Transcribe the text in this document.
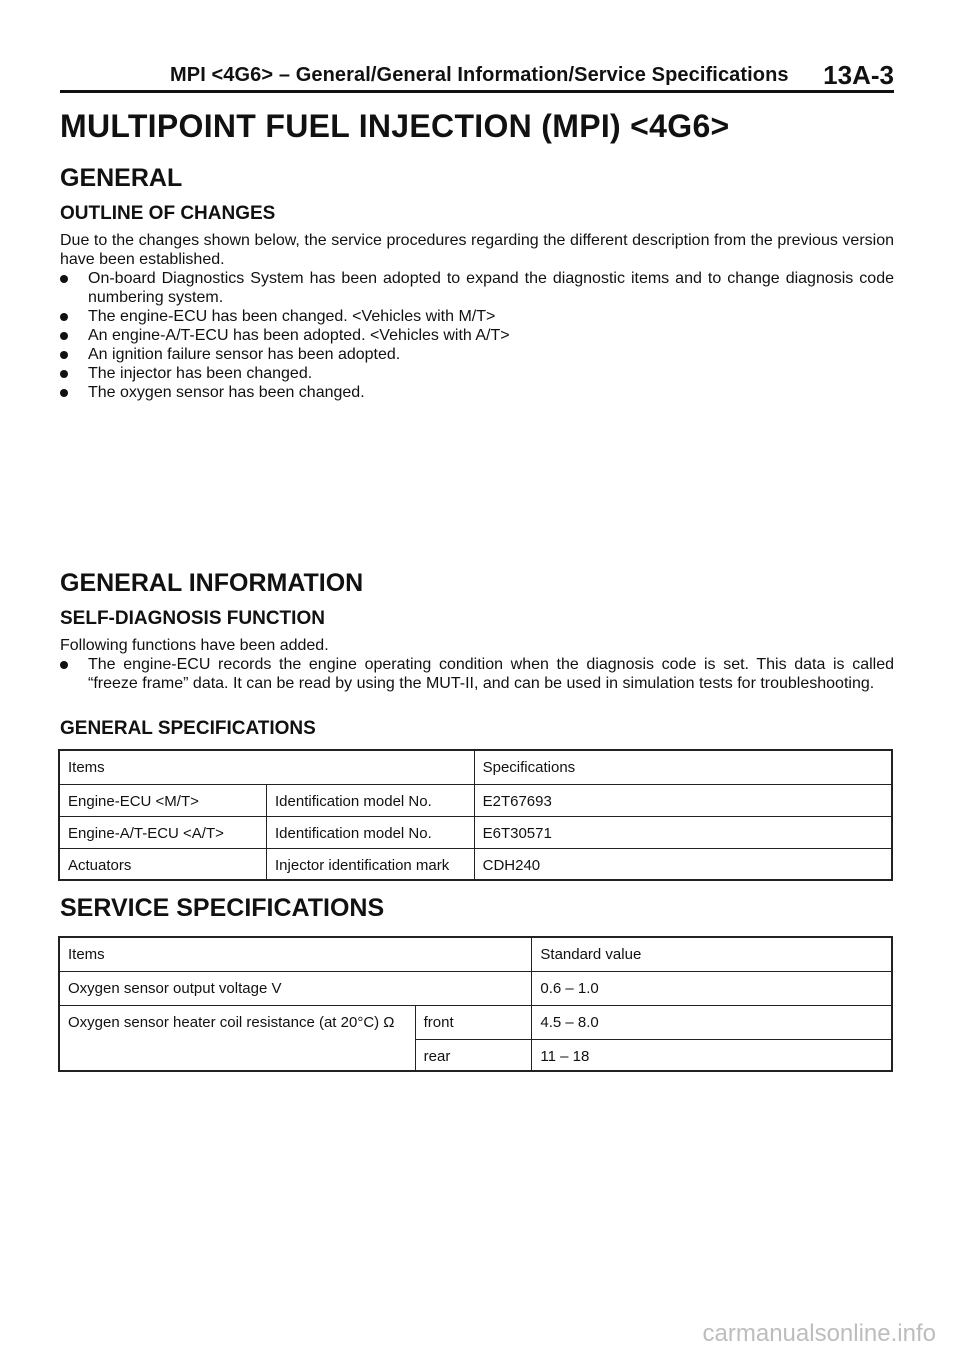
MPI <4G6> – General/General Information/Service Specifications 13A-3
MULTIPOINT FUEL INJECTION (MPI) <4G6>
GENERAL
OUTLINE OF CHANGES
Due to the changes shown below, the service procedures regarding the different description from the previous version have been established.
On-board Diagnostics System has been adopted to expand the diagnostic items and to change diagnosis code numbering system.
The engine-ECU has been changed. <Vehicles with M/T>
An engine-A/T-ECU has been adopted. <Vehicles with A/T>
An ignition failure sensor has been adopted.
The injector has been changed.
The oxygen sensor has been changed.
GENERAL INFORMATION
SELF-DIAGNOSIS FUNCTION
Following functions have been added.
The engine-ECU records the engine operating condition when the diagnosis code is set. This data is called “freeze frame” data. It can be read by using the MUT-II, and can be used in simulation tests for troubleshooting.
GENERAL SPECIFICATIONS
Items		Specifications
Engine-ECU <M/T>	Identification model No.	E2T67693
Engine-A/T-ECU <A/T>	Identification model No.	E6T30571
Actuators	Injector identification mark	CDH240
SERVICE SPECIFICATIONS
Items		Standard value
Oxygen sensor output voltage V		0.6 – 1.0
Oxygen sensor heater coil resistance (at 20°C) Ω	front	4.5 – 8.0
	rear	11 – 18
carmanualsonline.info
